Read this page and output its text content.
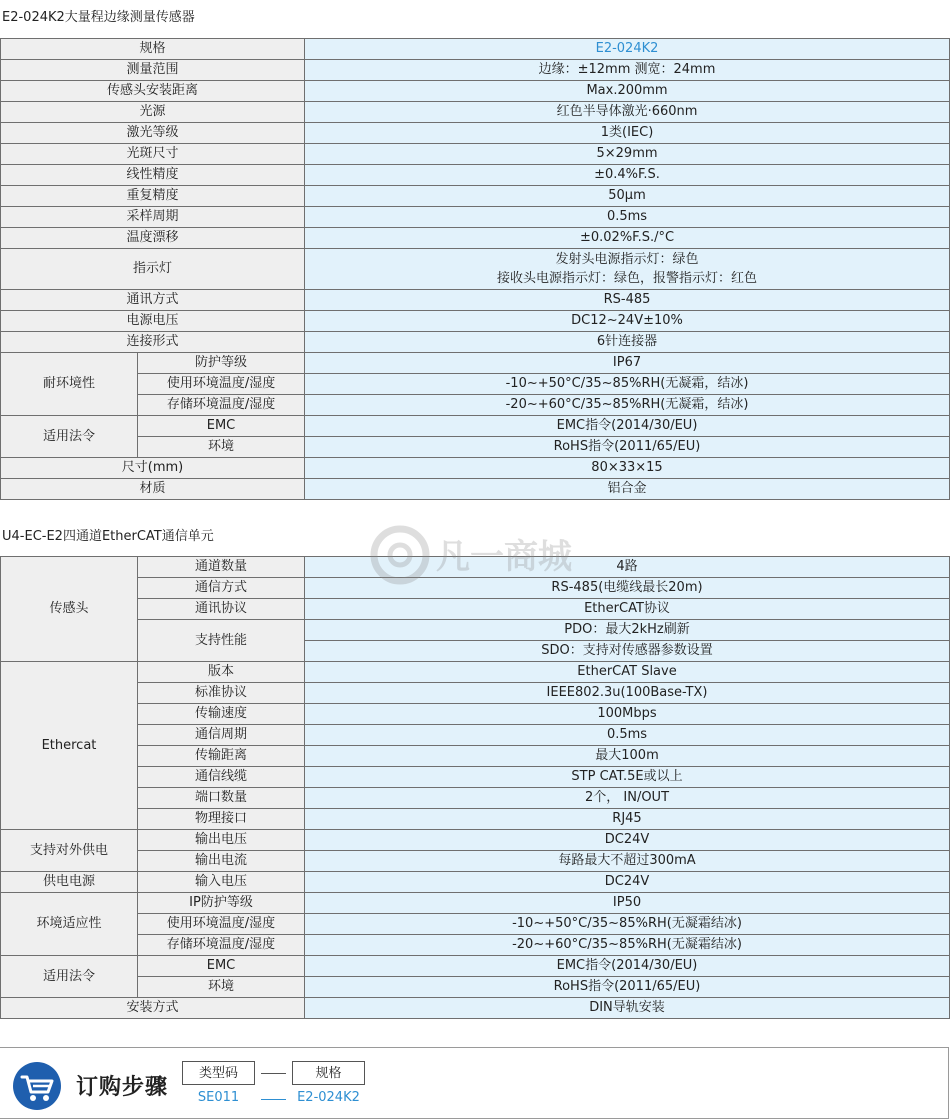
E2-024K2大量程边缘测量传感器
规格		E2-024K2
测量范围		边缘：±12mm 测宽：24mm
传感头安装距离		Max.200mm
光源		红色半导体激光·660nm
激光等级		1类(IEC)
光斑尺寸		5×29mm
线性精度		±0.4%F.S.
重复精度		50μm
采样周期		0.5ms
温度漂移		±0.02%F.S./°C
指示灯		发射头电源指示灯：绿色
接收头电源指示灯：绿色，报警指示灯：红色

通讯方式		RS-485
电源电压		DC12~24V±10%
连接形式		6针连接器
耐环境性	防护等级	IP67
	使用环境温度/湿度	-10~+50°C/35~85%RH(无凝霜，结冰)
	存储环境温度/湿度	-20~+60°C/35~85%RH(无凝霜，结冰)
适用法令	EMC	EMC指令(2014/30/EU)
	环境	RoHS指令(2011/65/EU)
尺寸(mm)		80×33×15
材质		铝合金
U4-EC-E2四通道EtherCAT通信单元
传感头	通道数量	4路
	通信方式	RS-485(电缆线最长20m)
	通讯协议	EtherCAT协议
	支持性能	PDO：最大2kHz刷新
		SDO：支持对传感器参数设置
Ethercat	版本	EtherCAT Slave
	标准协议	IEEE802.3u(100Base-TX)
	传输速度	100Mbps
	通信周期	0.5ms
	传输距离	最大100m
	通信线缆	STP CAT.5E或以上
	端口数量	2个， IN/OUT
	物理接口	RJ45
支持对外供电	输出电压	DC24V
	输出电流	每路最大不超过300mA
供电电源	输入电压	DC24V
环境适应性	IP防护等级	IP50
	使用环境温度/湿度	-10~+50°C/35~85%RH(无凝霜结冰)
	存储环境温度/湿度	-20~+60°C/35~85%RH(无凝霜结冰)
适用法令	EMC	EMC指令(2014/30/EU)
	环境	RoHS指令(2011/65/EU)
安装方式		DIN导轨安装
凡一商城
订购步骤
类型码	规格
SE011	E2-024K2
